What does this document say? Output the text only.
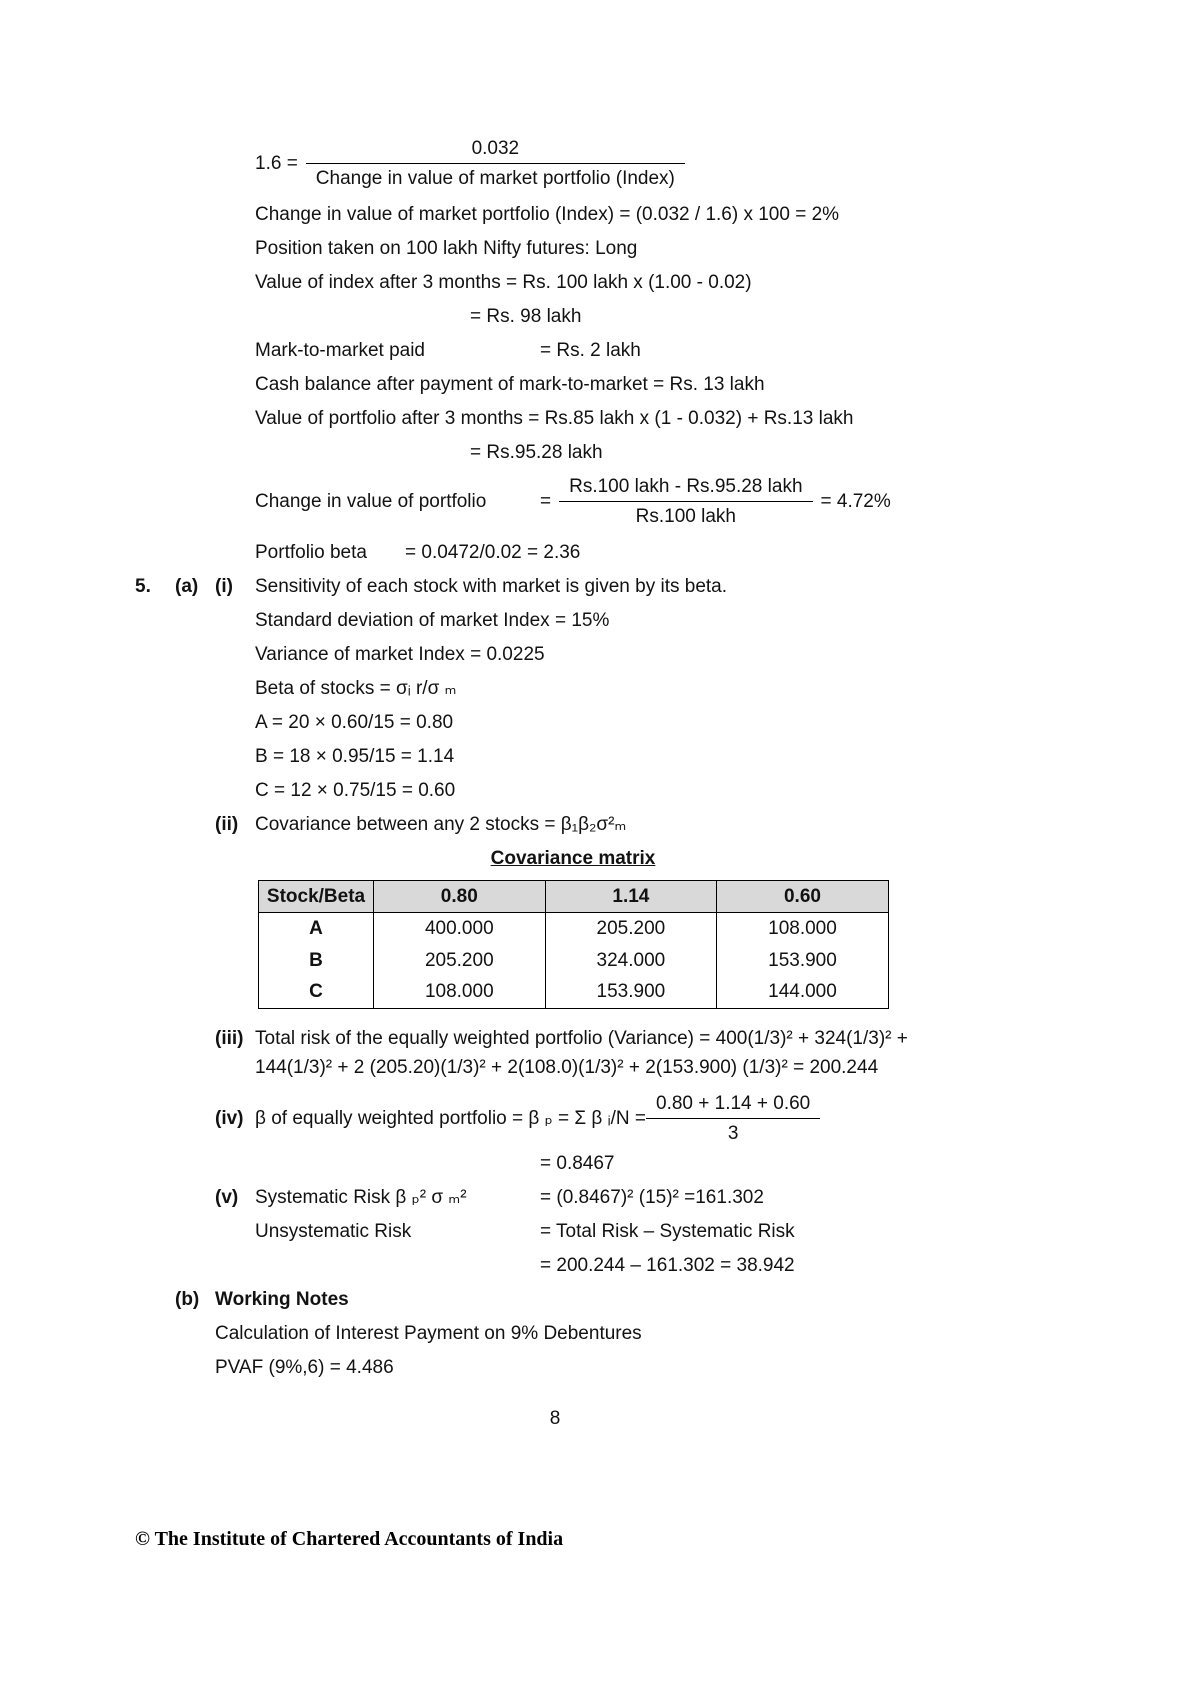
$1.6 = \frac{0.032}{\text{Change in value of market portfolio (Index)}}$

Change in value of market portfolio (Index) = (0.032 / 1.6) x 100 = 2%

Position taken on 100 lakh Nifty futures: Long

Value of index after 3 months = Rs. 100 lakh x (1.00 - 0.02)

= Rs. 98 lakh

Mark-to-market paid	= Rs. 2 lakh

Cash balance after payment of mark-to-market = Rs. 13 lakh

Value of portfolio after 3 months = Rs.85 lakh x (1 - 0.032) + Rs.13 lakh

= Rs.95.28 lakh

Change in value of portfolio	= $\frac{\text{Rs.100 lakh - Rs.95.28 lakh}}{\text{Rs.100 lakh}} = 4.72\%$
Portfolio beta	= 0.0472/0.02 = 2.36
5.	(a) (i)	Sensitivity of each stock with market is given by its beta.

Standard deviation of market Index = 15%

Variance of market Index = 0.0225

Beta of stocks = σᵢ r/σ ₘ

A = 20 × 0.60/15 = 0.80

B = 18 × 0.95/15 = 1.14

C = 12 × 0.75/15 = 0.60

(ii) Covariance between any 2 stocks = β₁β₂σ²ₘ
Covariance matrix
Stock/Beta	0.80	1.14	0.60
A	400.000	205.200	108.000
B	205.200	324.000	153.900
C	108.000	153.900	144.000
(iii) Total risk of the equally weighted portfolio (Variance) = 400(1/3)² + 324(1/3)² + 144(1/3)² + 2 (205.20)(1/3)² + 2(108.0)(1/3)² + 2(153.900) (1/3)² = 200.244
(iv) β of equally weighted portfolio = β ₚ = Σ β ᵢ/N = $\frac{0.80 + 1.14 + 0.60}{3}$

= 0.8467

(v) Systematic Risk β ₚ² σ ₘ²	= (0.8467)² (15)² =161.302
Unsystematic Risk	= Total Risk – Systematic Risk

= 200.244 – 161.302 = 38.942

(b) Working Notes

Calculation of Interest Payment on 9% Debentures

PVAF (9%,6) = 4.486

8
© The Institute of Chartered Accountants of India
